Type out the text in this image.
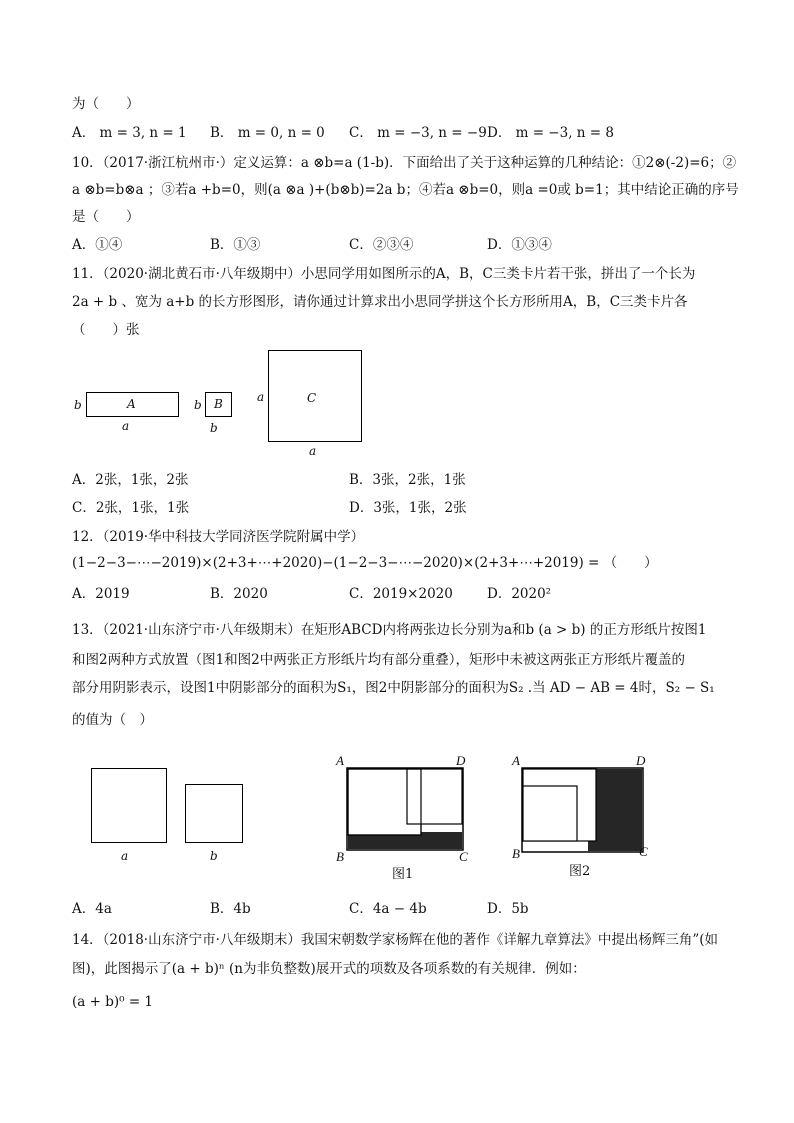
为（　　）
A． m = 3, n = 1 B． m = 0, n = 0 C． m = −3, n = −9 D． m = −3, n = 8
10．（2017·浙江杭州市·）定义运算：a ⊗b=a (1-b)．下面给出了关于这种运算的几种结论：①2⊗(-2)=6；②
a ⊗b=b⊗a ；③若a +b=0，则(a ⊗a )+(b⊗b)=2a b；④若a ⊗b=0，则a =0或 b=1；其中结论正确的序号
是（　　）
A．①④	B．①③	C．②③④	D．①③④
11．（2020·湖北黄石市·八年级期中）小思同学用如图所示的A，B，C三类卡片若干张，拼出了一个长为
2a + b 、宽为 a+b 的长方形图形，请你通过计算求出小思同学拼这个长方形所用A，B，C三类卡片各
（　　）张
A
b
a
B
b
b
C
a
a
A．2张，1张，2张	B．3张，2张，1张
C．2张，1张，1张	D．3张，1张，2张
12．（2019·华中科技大学同济医学院附属中学）
(1−2−3−⋯−2019)×(2+3+⋯+2020)−(1−2−3−⋯−2020)×(2+3+⋯+2019) = （　　）
A．2019	B．2020	C．2019×2020	D．2020²
13．（2021·山东济宁市·八年级期末）在矩形ABCD内将两张边长分别为a和b (a > b) 的正方形纸片按图1
和图2两种方式放置（图1和图2中两张正方形纸片均有部分重叠），矩形中未被这两张正方形纸片覆盖的
部分用阴影表示，设图1中阴影部分的面积为S₁，图2中阴影部分的面积为S₂ .当 AD − AB = 4时，S₂ − S₁
的值为（　）
a	b
A	D
B	C
图1
A	D
B	C
图2
A．4a	B．4b	C．4a − 4b	D．5b
14．（2018·山东济宁市·八年级期末）我国宋朝数学家杨辉在他的著作《详解九章算法》中提出杨辉三角”(如
图)，此图揭示了(a + b)ⁿ (n为非负整数)展开式的项数及各项系数的有关规律．例如：
(a + b)⁰ = 1
